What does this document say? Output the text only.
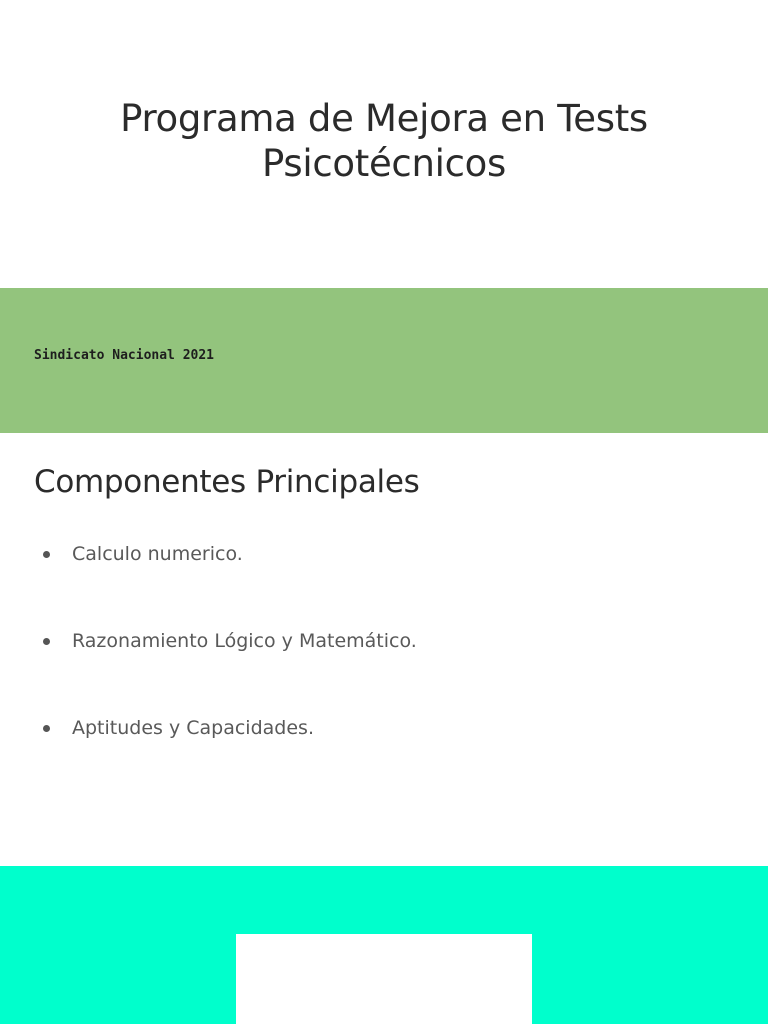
Programa de Mejora en Tests
Psicotécnicos
Sindicato Nacional 2021
Componentes Principales
Calculo numerico.
Razonamiento Lógico y Matemático.
Aptitudes y Capacidades.
